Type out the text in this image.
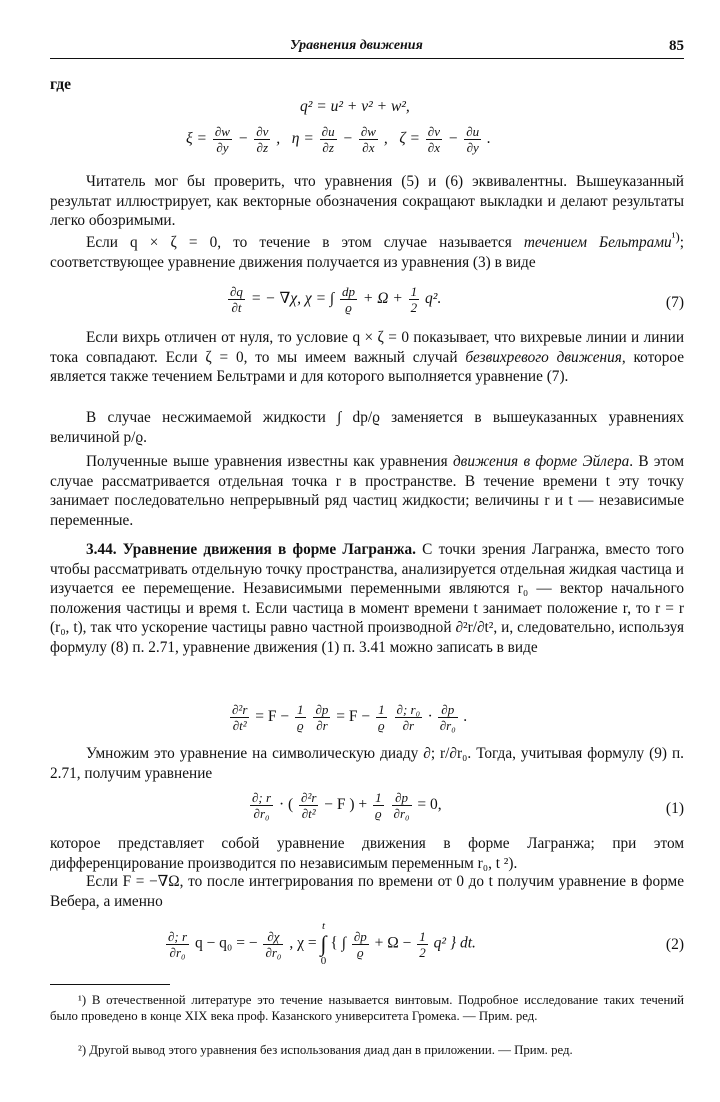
Уравнения движения	85
где
q² = u² + v² + w²,
$\xi = \frac{\partial w}{\partial y} - \frac{\partial v}{\partial z}$ , $\eta = \frac{\partial u}{\partial z} - \frac{\partial w}{\partial x}$ , $\zeta = \frac{\partial v}{\partial x} - \frac{\partial u}{\partial y}$ .
Читатель мог бы проверить, что уравнения (5) и (6) эквивалентны. Вышеуказанный результат иллюстрирует, как векторные обозначения сокращают выкладки и делают результаты легко обозримыми.
Если q × ζ = 0, то течение в этом случае называется течением Бельтрами$^{^1)}$; соответствующее уравнение движения получается из уравнения (3) в виде
$\frac{\partial q}{\partial t}$ = − ∇χ, χ = ∫ $\frac{dp}{ϱ} + \Omega + \frac{1}{2} q^2$.	(7)
Если вихрь отличен от нуля, то условие q × ζ = 0 показывает, что вихревые линии и линии тока совпадают. Если ζ = 0, то мы имеем важный случай безвихревого движения, которое является также течением Бельтрами и для которого выполняется уравнение (7).
В случае несжимаемой жидкости ∫ dp/ϱ заменяется в вышеуказанных уравнениях величиной p/ϱ.
Полученные выше уравнения известны как уравнения движения в форме Эйлера. В этом случае рассматривается отдельная точка r в пространстве. В течение времени t эту точку занимает последовательно непрерывный ряд частиц жидкости; величины r и t — независимые переменные.
3.44. Уравнение движения в форме Лагранжа. С точки зрения Лагранжа, вместо того чтобы рассматривать отдельную точку пространства, анализируется отдельная жидкая частица и изучается ее перемещение. Независимыми переменными являются r₀ — вектор начального положения частицы и время t. Если частица в момент времени t занимает положение r, то r = r (r₀, t), так что ускорение частицы равно частной производной ∂²r/∂t², и, следовательно, используя формулу (8) п. 2.71, уравнение движения (1) п. 3.41 можно записать в виде
$\frac{\text{∂²r}}{\text{∂t²}} = F - \frac{1}{ϱ}$
$\frac{\partial p}{\partial r} = F - \frac{1}{ϱ}$
$\frac{\text{∂; r₀}}{\partial r} \cdot \frac{\partial p}{\text{∂r₀}}$ .
Умножим это уравнение на символическую диаду ∂; r/∂r₀. Тогда, учитывая формулу (9) п. 2.71, получим уравнение
$\frac{\partial; r}{\text{∂r₀}}$ · ( $\frac{\text{∂²r}}{\text{∂t²}} - F$ ) + $\frac{1}{ϱ}$
$\frac{\partial p}{\text{∂r₀}} = 0$,	(1)
которое представляет собой уравнение движения в форме Лагранжа; при этом дифференцирование производится по независимым переменным r₀, t ²).
Если F = −∇Ω, то после интегрирования по времени от 0 до t получим уравнение в форме Вебера, а именно
$\frac{\partial; r}{\text{∂r₀}}$ q − q₀ = − $\frac{\partial\chi}{\text{∂r₀}}$ , χ =
t
∫
0
{ ∫ $\frac{\partial p}{ϱ} + \Omega - \frac{1}{2} q^2$ } dt.	(2)
¹) В отечественной литературе это течение называется винтовым. Подробное исследование таких течений было проведено в конце XIX века проф. Казанского университета Громека. — Прим. ред.
²) Другой вывод этого уравнения без использования диад дан в приложении. — Прим. ред.
